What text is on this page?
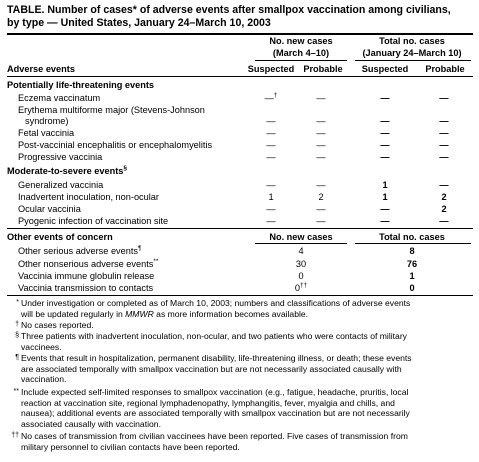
TABLE. Number of cases* of adverse events after smallpox vaccination among civilians,
by type — United States, January 24–March 10, 2003
No. new cases
(March 4–10)
Total no. cases
(January 24–March 10)
Adverse events	Suspected Probable	Suspected	Probable
Potentially life-threatening events
Eczema vaccinatum	—†	—	—	—
Erythema multiforme major (Stevens-Johnson
syndrome)	—	—	—	—
Fetal vaccinia	—	—	—	—
Post-vaccinial encephalitis or encephalomyelitis	—	—	—	—
Progressive vaccinia	—	—	—	—
Moderate-to-severe events§
Generalized vaccinia	—	—	1	—
Inadvertent inoculation, non-ocular	1	2	1	2
Ocular vaccinia	—	—	—	2
Pyogenic infection of vaccination site	—	—	—	—
Other events of concern	No. new cases	Total no. cases
Other serious adverse events¶	4	8
Other nonserious adverse events**	30	76
Vaccinia immune globulin release	0	1
Vaccinia transmission to contacts	0††	0
* Under investigation or completed as of March 10, 2003; numbers and classifications of adverse events
will be updated regularly in MMWR as more information becomes available.
† No cases reported.
§ Three patients with inadvertent inoculation, non-ocular, and two patients who were contacts of military
vaccinees.
¶ Events that result in hospitalization, permanent disability, life-threatening illness, or death; these events
are associated temporally with smallpox vaccination but are not necessarily associated causally with
vaccination.
** Include expected self-limited responses to smallpox vaccination (e.g., fatigue, headache, pruritis, local
reaction at vaccination site, regional lymphadenopathy, lymphangitis, fever, myalgia and chills, and
nausea); additional events are associated temporally with smallpox vaccination but are not necessarily
associated causally with vaccination.
†† No cases of transmission from civilian vaccinees have been reported. Five cases of transmission from
military personnel to civilian contacts have been reported.
